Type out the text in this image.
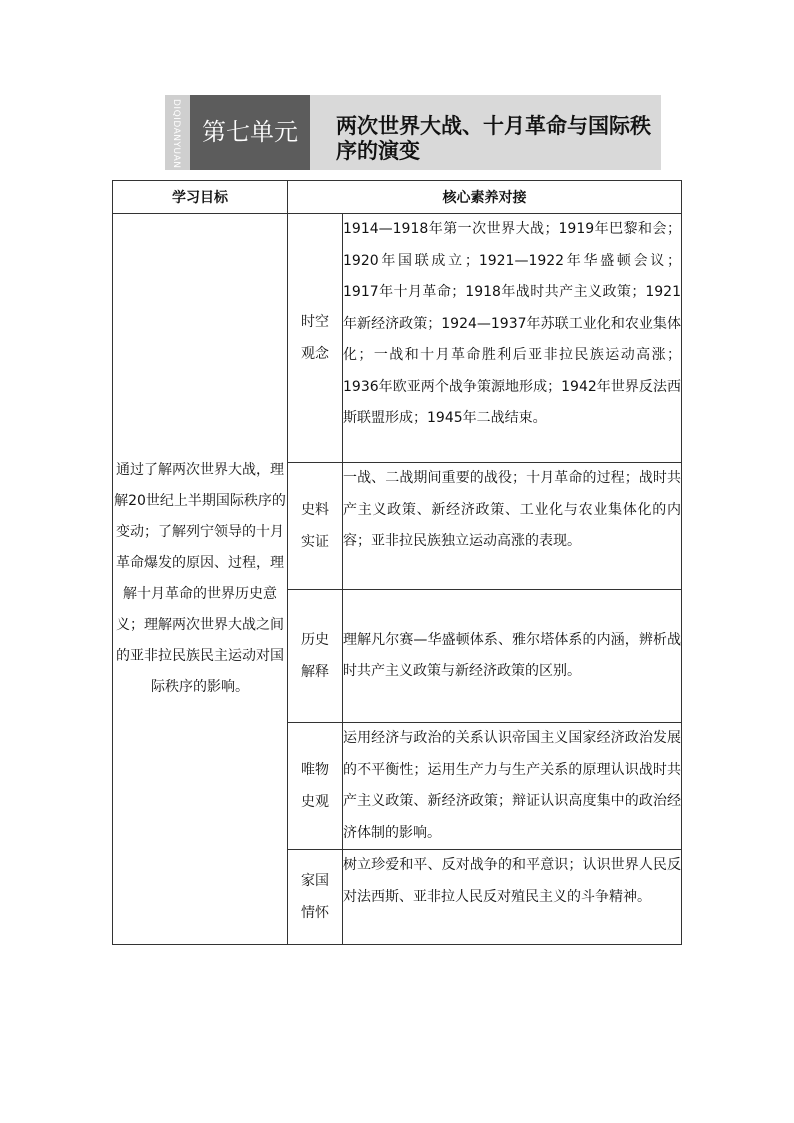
DIQIDANYUAN 第七单元	两次世界大战、十月革命与国际秩序的演变
学习目标	核心素养对接	

通过了解两次世界大战，理解20世纪上半期国际秩序的变动；了解列宁领导的十月革命爆发的原因、过程，理解十月革命的世界历史意义；理解两次世界大战之间的亚非拉民族民主运动对国际秩序的影响。	时空观念	1914—1918年第一次世界大战；1919年巴黎和会；1920年国联成立；1921—1922年华盛顿会议；1917年十月革命；1918年战时共产主义政策；1921年新经济政策；1924—1937年苏联工业化和农业集体化；一战和十月革命胜利后亚非拉民族运动高涨；1936年欧亚两个战争策源地形成；1942年世界反法西斯联盟形成；1945年二战结束。

	史料实证	一战、二战期间重要的战役；十月革命的过程；战时共产主义政策、新经济政策、工业化与农业集体化的内容；亚非拉民族独立运动高涨的表现。

	历史解释	理解凡尔赛—华盛顿体系、雅尔塔体系的内涵，辨析战时共产主义政策与新经济政策的区别。

	唯物史观	运用经济与政治的关系认识帝国主义国家经济政治发展的不平衡性；运用生产力与生产关系的原理认识战时共产主义政策、新经济政策；辩证认识高度集中的政治经济体制的影响。

	家国情怀	树立珍爱和平、反对战争的和平意识；认识世界人民反对法西斯、亚非拉人民反对殖民主义的斗争精神。
